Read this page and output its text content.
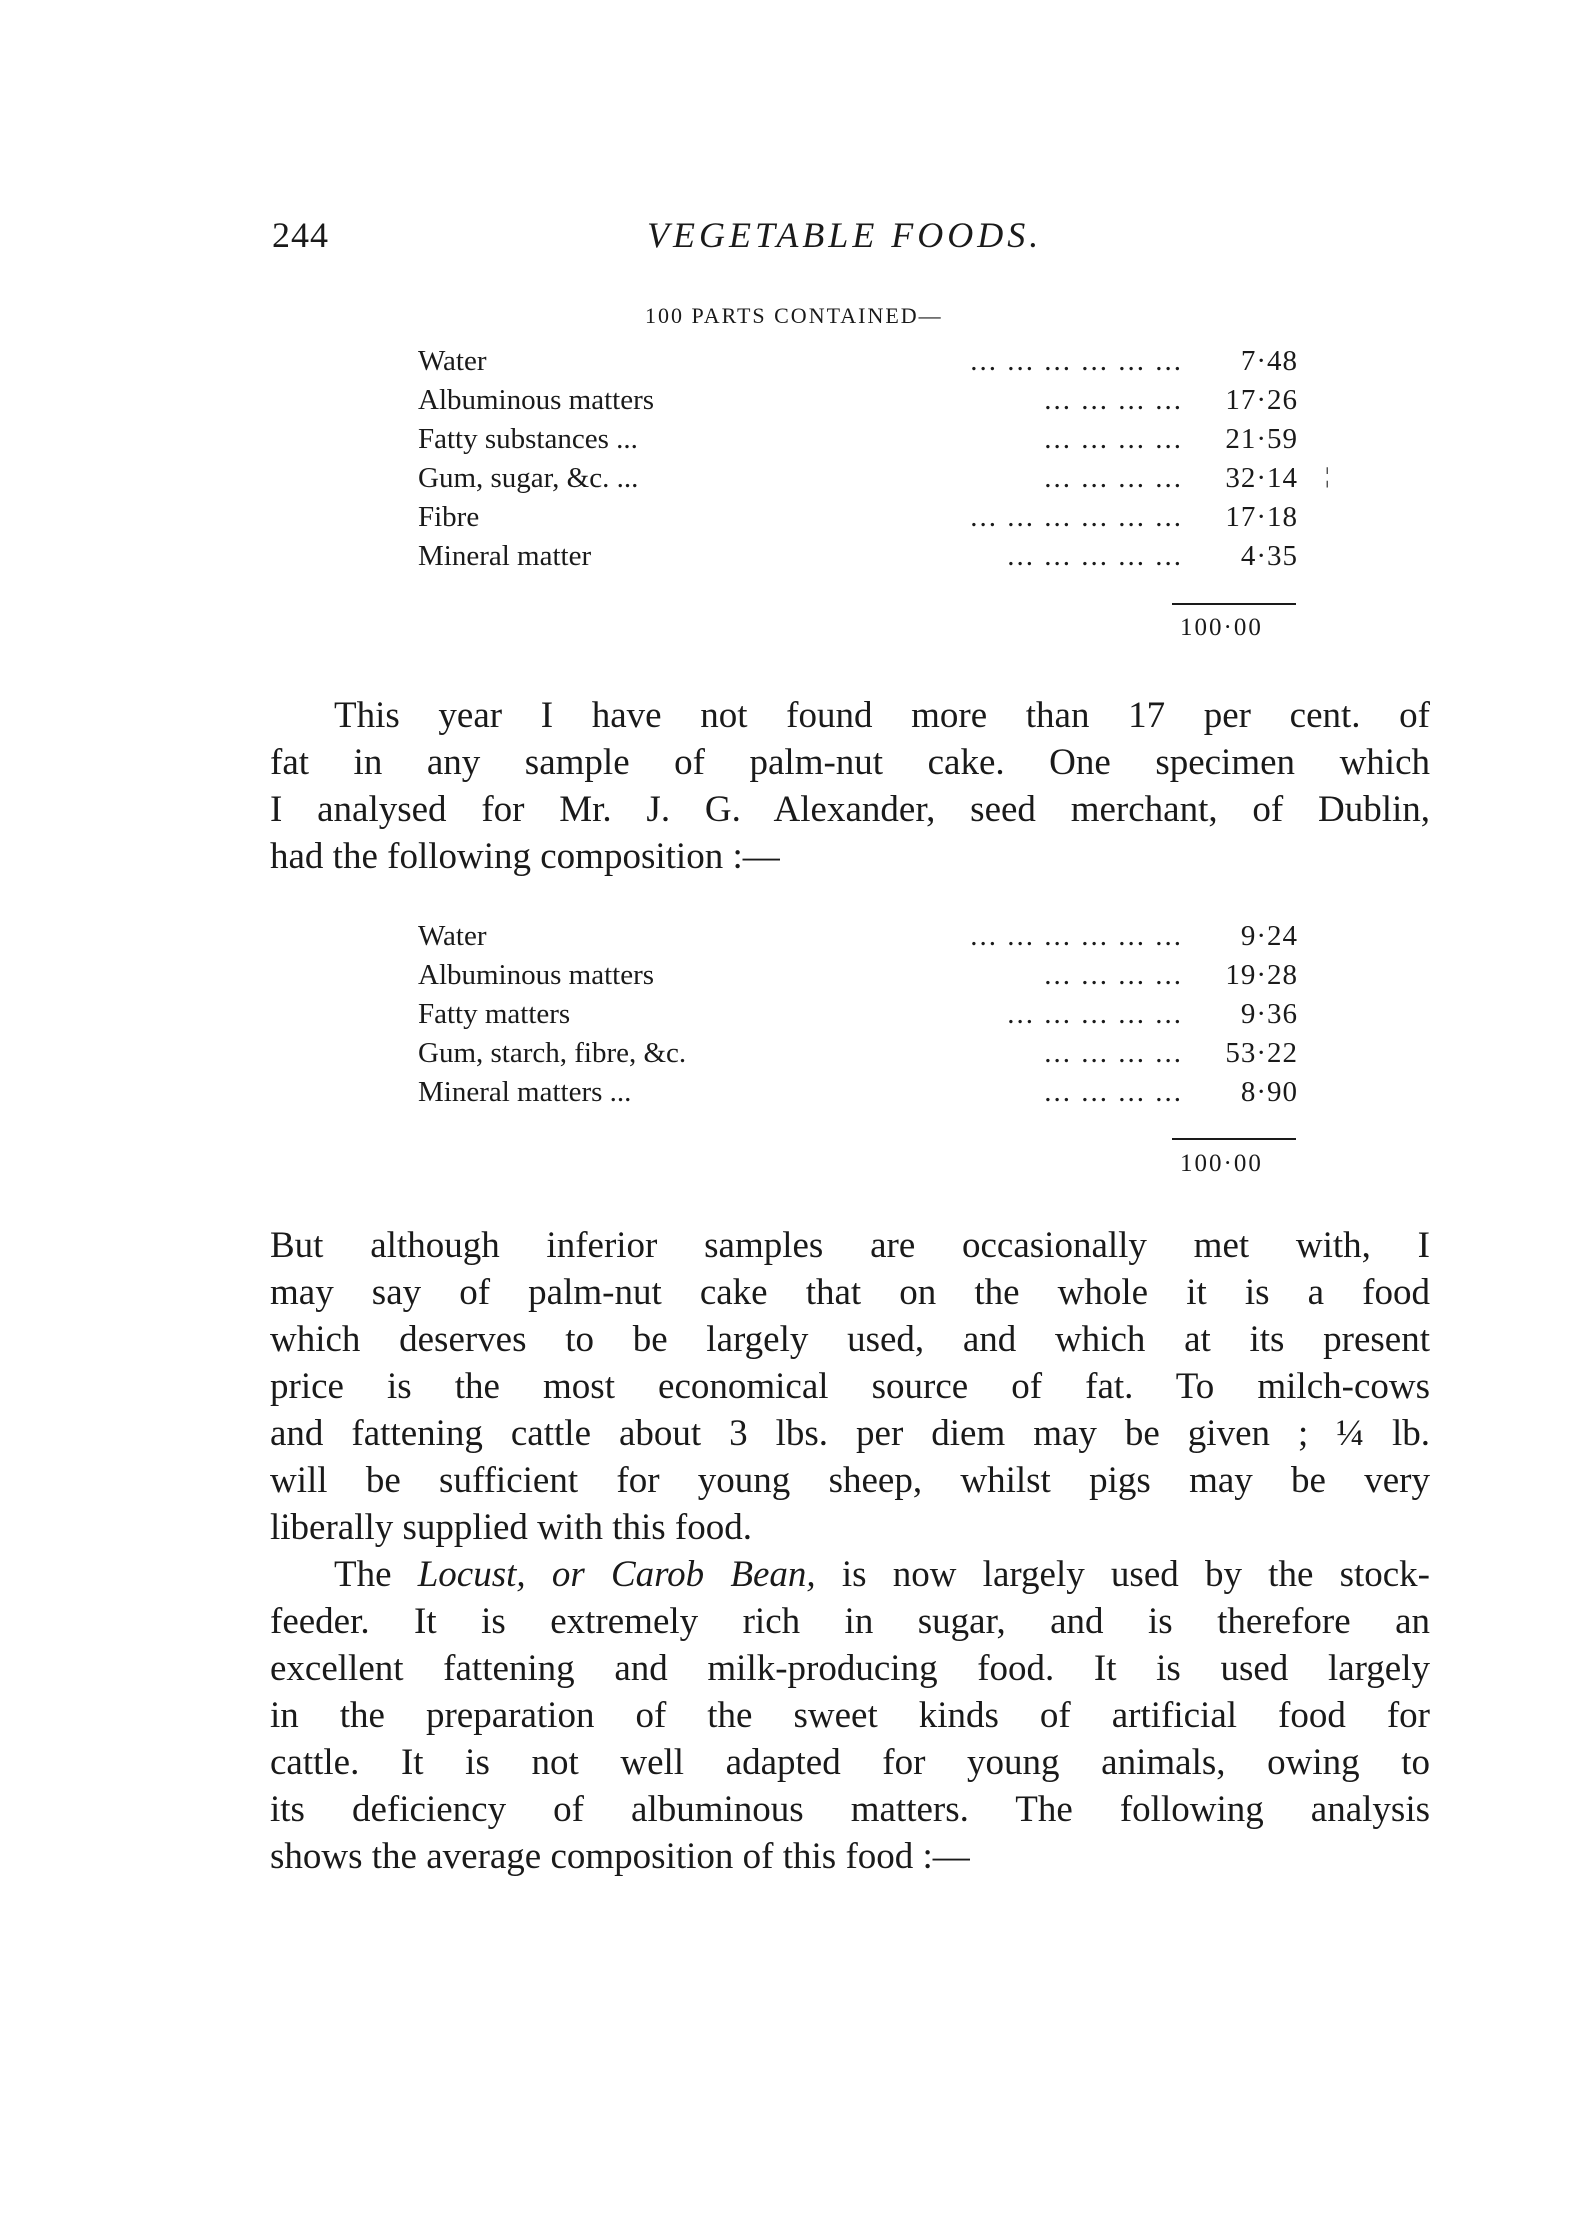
244	VEGETABLE FOODS.
100 PARTS CONTAINED—
Water	... ... ... ... ... ...	7·48
Albuminous matters	... ... ... ...	17·26
Fatty substances ...	... ... ... ...	21·59
Gum, sugar, &c. ...	... ... ... ...	32·14
Fibre	... ... ... ... ... ...	17·18
Mineral matter	... ... ... ... ...	4·35
¦
100·00
This year I have not found more than 17 per cent. of
fat in any sample of palm-nut cake. One specimen which
I analysed for Mr. J. G. Alexander, seed merchant, of Dublin,
had the following composition :—
Water	... ... ... ... ... ...	9·24
Albuminous matters	... ... ... ...	19·28
Fatty matters	... ... ... ... ...	9·36
Gum, starch, fibre, &c.	... ... ... ...	53·22
Mineral matters ...	... ... ... ...	8·90
100·00
But although inferior samples are occasionally met with, I
may say of palm-nut cake that on the whole it is a food
which deserves to be largely used, and which at its present
price is the most economical source of fat. To milch-cows
and fattening cattle about 3 lbs. per diem may be given ; ¼ lb.
will be sufficient for young sheep, whilst pigs may be very
liberally supplied with this food.
The Locust, or Carob Bean, is now largely used by the stock-
feeder. It is extremely rich in sugar, and is therefore an
excellent fattening and milk-producing food. It is used largely
in the preparation of the sweet kinds of artificial food for
cattle. It is not well adapted for young animals, owing to
its deficiency of albuminous matters. The following analysis
shows the average composition of this food :—
